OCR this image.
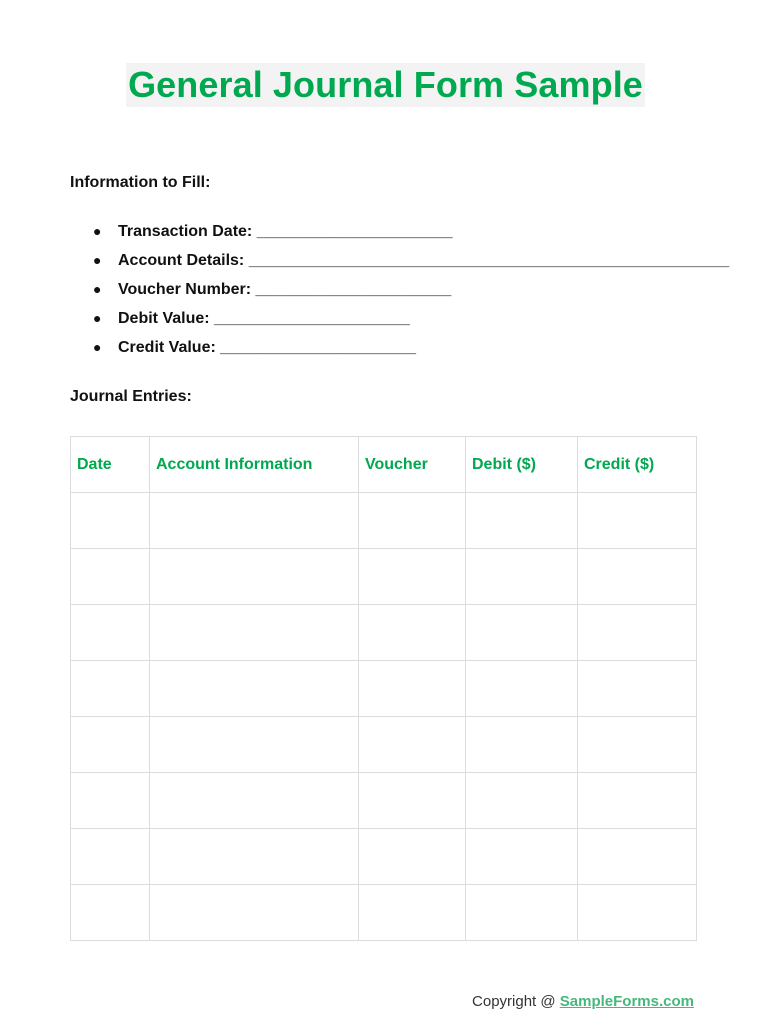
General Journal Form Sample
Information to Fill:
● Transaction Date: ______________________
● Account Details: ______________________________________________________
● Voucher Number: ______________________
● Debit Value: ______________________
● Credit Value: ______________________
Journal Entries:
Date	Account Information	Voucher	Debit ($)	Credit ($)

Copyright @ SampleForms.com
